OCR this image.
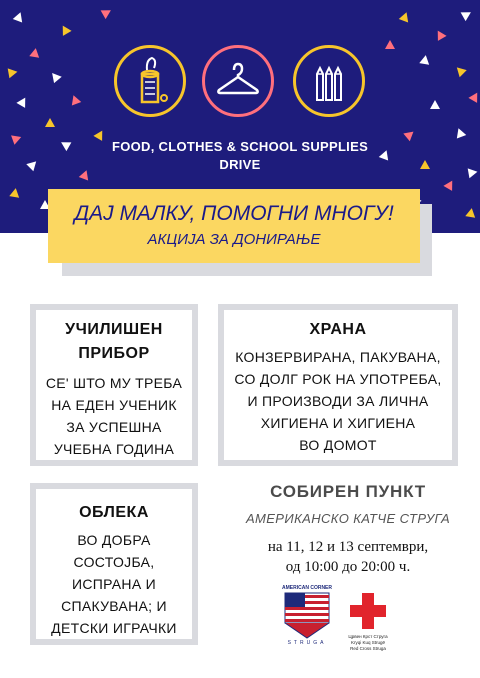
FOOD, CLOTHES & SCHOOL SUPPLIES
DRIVE
ДАЈ МАЛКУ, ПОМОГНИ МНОГУ!
АКЦИЈА ЗА ДОНИРАЊЕ
УЧИЛИШЕН
ПРИБОР
СЕ' ШТО МУ ТРЕБА
НА ЕДЕН УЧЕНИК
ЗА УСПЕШНА
УЧЕБНА ГОДИНА
ХРАНА
КОНЗЕРВИРАНА, ПАКУВАНА,
СО ДОЛГ РОК НА УПОТРЕБА,
И ПРОИЗВОДИ ЗА ЛИЧНА
ХИГИЕНА И ХИГИЕНА
ВО ДОМОТ
ОБЛЕКА
ВО ДОБРА
СОСТОЈБА,
ИСПРАНА И
СПАКУВАНА; И
ДЕТСКИ ИГРАЧКИ
СОБИРЕН ПУНКТ
АМЕРИКАНСКО КАТЧЕ СТРУГА
на 11, 12 и 13 септември,
од 10:00 до 20:00 ч.
AMERICAN CORNER
STRUGA
Црвен Крст Струга
Kryqi Kuq Strugë
Red Cross Struga
